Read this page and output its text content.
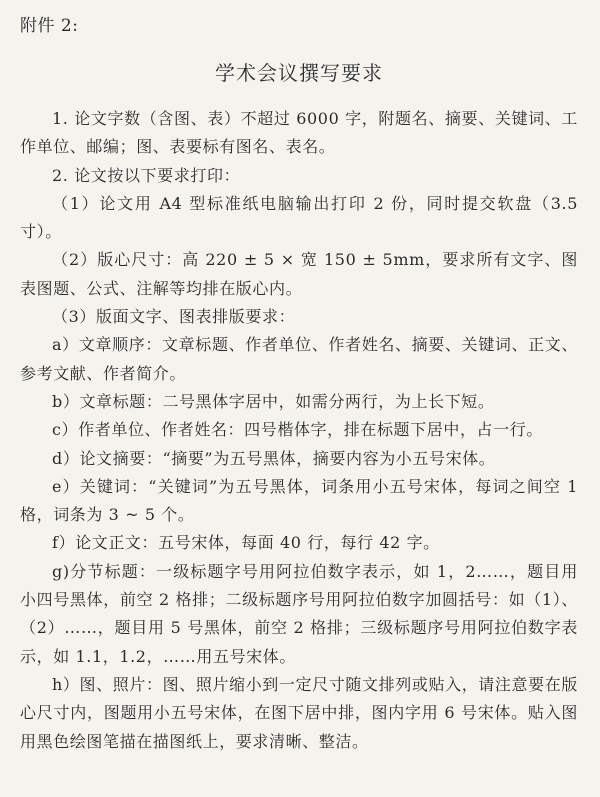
附件 2:
学术会议撰写要求

1. 论文字数（含图、表）不超过 6000 字，附题名、摘要、关键词、工作单位、邮编；图、表要标有图名、表名。

2. 论文按以下要求打印：

（1）论文用 A4 型标准纸电脑输出打印 2 份，同时提交软盘（3.5 寸）。

（2）版心尺寸：高 220 ± 5 × 宽 150 ± 5mm，要求所有文字、图表图题、公式、注解等均排在版心内。

（3）版面文字、图表排版要求：

a）文章顺序：文章标题、作者单位、作者姓名、摘要、关键词、正文、参考文献、作者简介。

b）文章标题：二号黑体字居中，如需分两行，为上长下短。

c）作者单位、作者姓名：四号楷体字，排在标题下居中，占一行。

d）论文摘要：“摘要”为五号黑体，摘要内容为小五号宋体。

e）关键词：“关键词”为五号黑体，词条用小五号宋体，每词之间空 1 格，词条为 3 ~ 5 个。

f）论文正文：五号宋体，每面 40 行，每行 42 字。

g)分节标题：一级标题字号用阿拉伯数字表示，如 1，2……，题目用小四号黑体，前空 2 格排；二级标题序号用阿拉伯数字加圆括号：如（1）、（2）……，题目用 5 号黑体，前空 2 格排；三级标题序号用阿拉伯数字表示，如 1.1，1.2，……用五号宋体。

h）图、照片：图、照片缩小到一定尺寸随文排列或贴入，请注意要在版心尺寸内，图题用小五号宋体，在图下居中排，图内字用 6 号宋体。贴入图用黑色绘图笔描在描图纸上，要求清晰、整洁。
